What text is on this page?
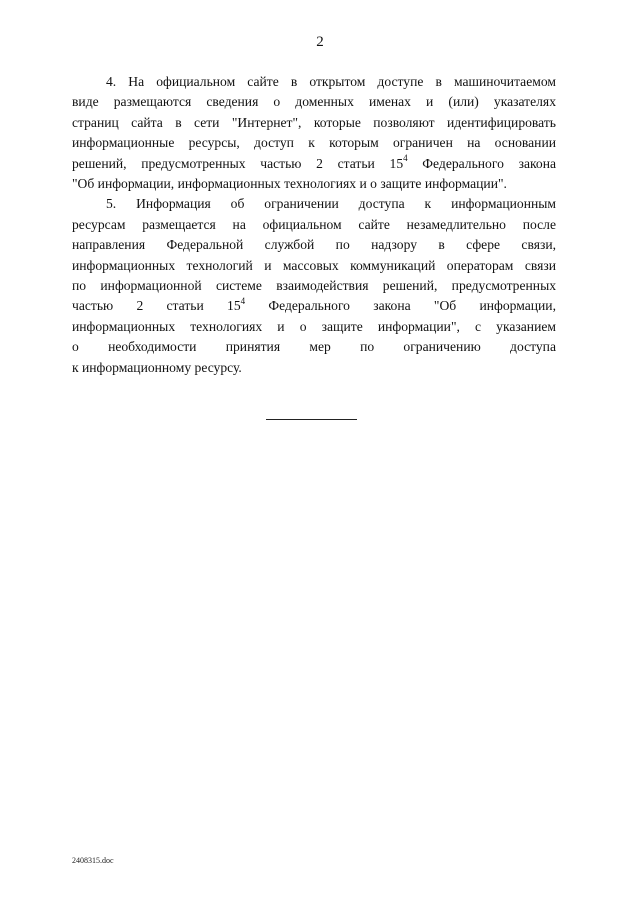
2

4. На официальном сайте в открытом доступе в машиночитаемом
виде размещаются сведения о доменных именах и (или) указателях
страниц сайта в сети "Интернет", которые позволяют идентифицировать
информационные ресурсы, доступ к которым ограничен на основании
решений, предусмотренных частью 2 статьи $15^4$ Федерального закона
"Об информации, информационных технологиях и о защите информации".

5. Информация об ограничении доступа к информационным
ресурсам размещается на официальном сайте незамедлительно после
направления Федеральной службой по надзору в сфере связи,
информационных технологий и массовых коммуникаций операторам связи
по информационной системе взаимодействия решений, предусмотренных
частью 2 статьи $15^4$ Федерального закона "Об информации,
информационных технологиях и о защите информации", с указанием
о необходимости принятия мер по ограничению доступа
к информационному ресурсу.

2408315.doc
